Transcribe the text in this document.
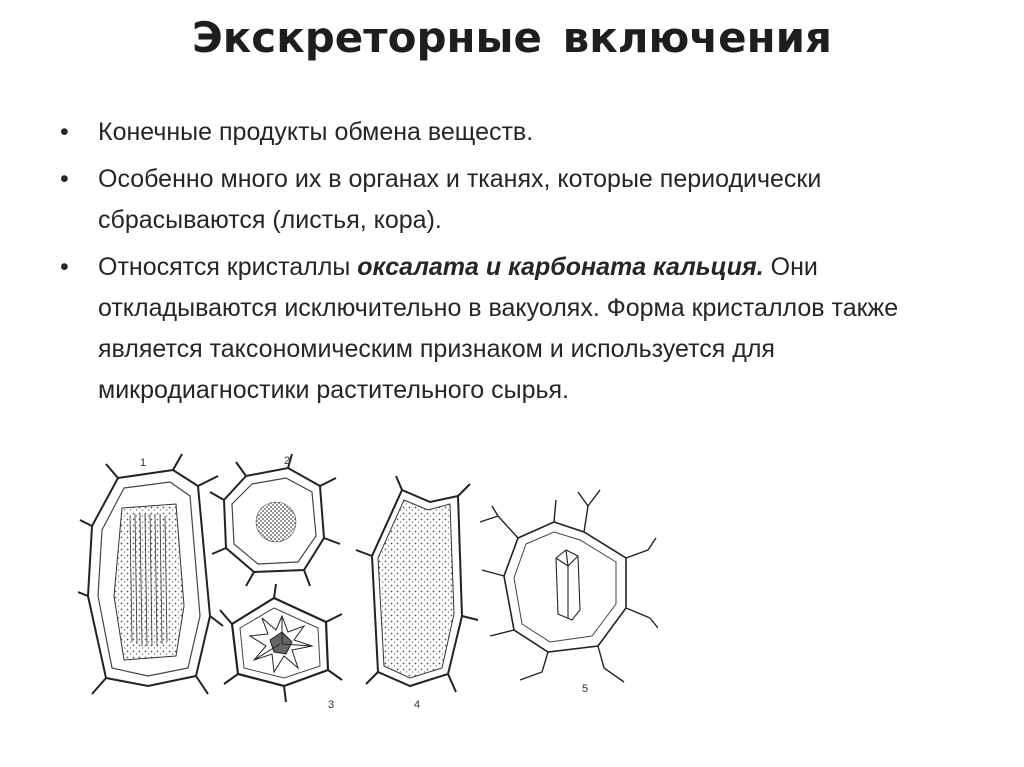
Экскреторные включения
•	Конечные продукты обмена веществ.
•	Особенно много их в органах и тканях, которые периодически сбрасываются (листья, кора).
•	Относятся кристаллы оксалата и карбоната кальция. Они откладываются исключительно в вакуолях. Форма кристаллов также является таксономическим признаком и используется для микродиагностики растительного сырья.
1	2
3	4
5
